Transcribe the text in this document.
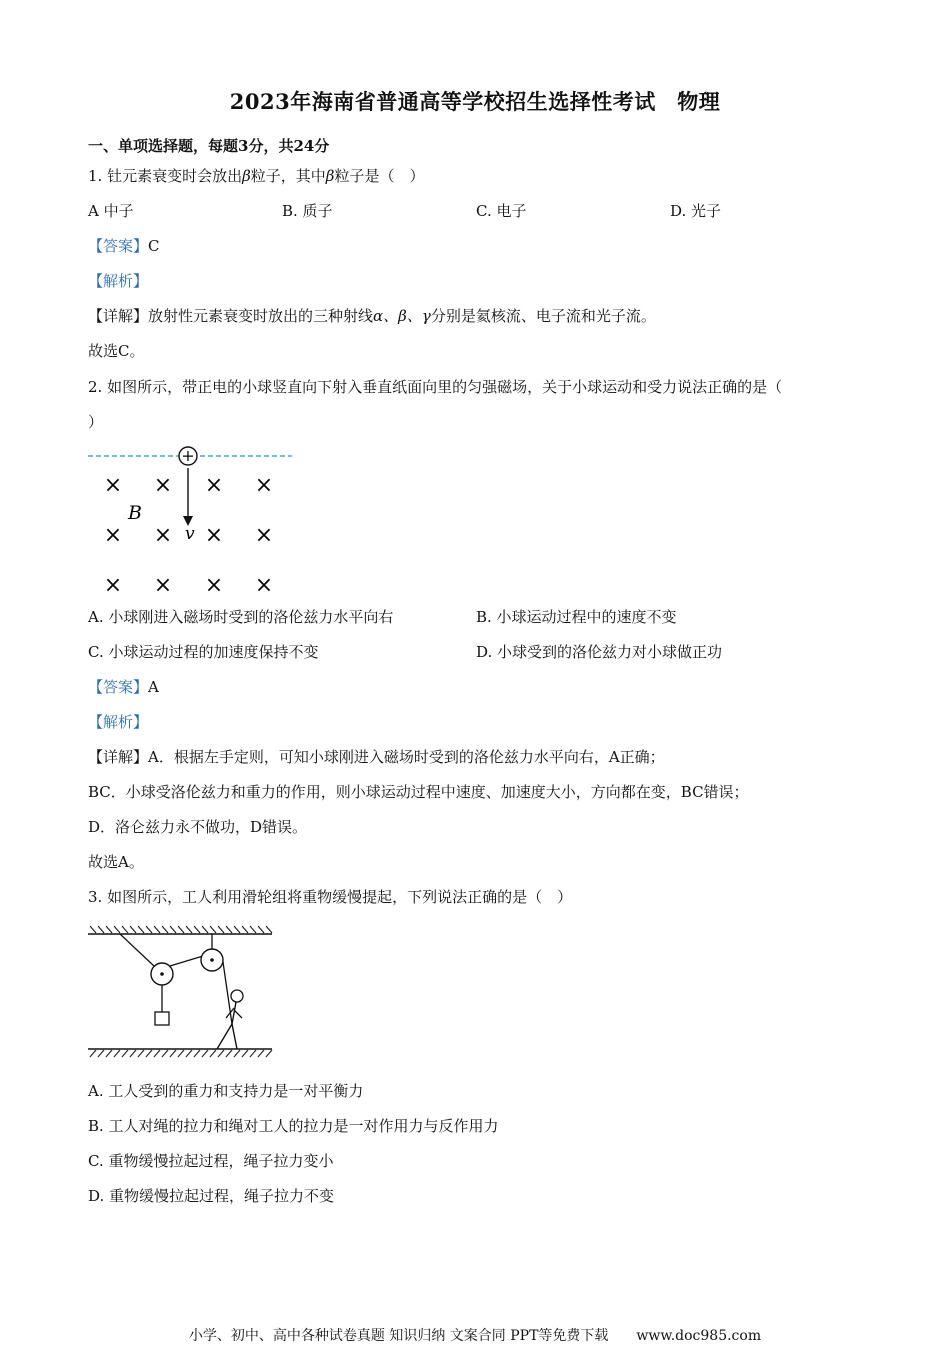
2023年海南省普通高等学校招生选择性考试　物理
一、单项选择题，每题3分，共24分
1. 钍元素衰变时会放出β粒子，其中β粒子是（　）
A 中子	B. 质子	C. 电子	D. 光子
【答案】C
【解析】
【详解】放射性元素衰变时放出的三种射线α、β、γ分别是氦核流、电子流和光子流。
故选C。
2. 如图所示，带正电的小球竖直向下射入垂直纸面向里的匀强磁场，关于小球运动和受力说法正确的是（
）
+
× × × ×
× × × ×
× × × ×
B
v
A. 小球刚进入磁场时受到的洛伦兹力水平向右	B. 小球运动过程中的速度不变
C. 小球运动过程的加速度保持不变	D. 小球受到的洛伦兹力对小球做正功
【答案】A
【解析】
【详解】A．根据左手定则，可知小球刚进入磁场时受到的洛伦兹力水平向右，A正确；
BC．小球受洛伦兹力和重力的作用，则小球运动过程中速度、加速度大小，方向都在变，BC错误；
D．洛仑兹力永不做功，D错误。
故选A。
3. 如图所示，工人利用滑轮组将重物缓慢提起，下列说法正确的是（　）
A. 工人受到的重力和支持力是一对平衡力
B. 工人对绳的拉力和绳对工人的拉力是一对作用力与反作用力
C. 重物缓慢拉起过程，绳子拉力变小
D. 重物缓慢拉起过程，绳子拉力不变
小学、初中、高中各种试卷真题 知识归纳 文案合同 PPT等免费下载　　www.doc985.com
